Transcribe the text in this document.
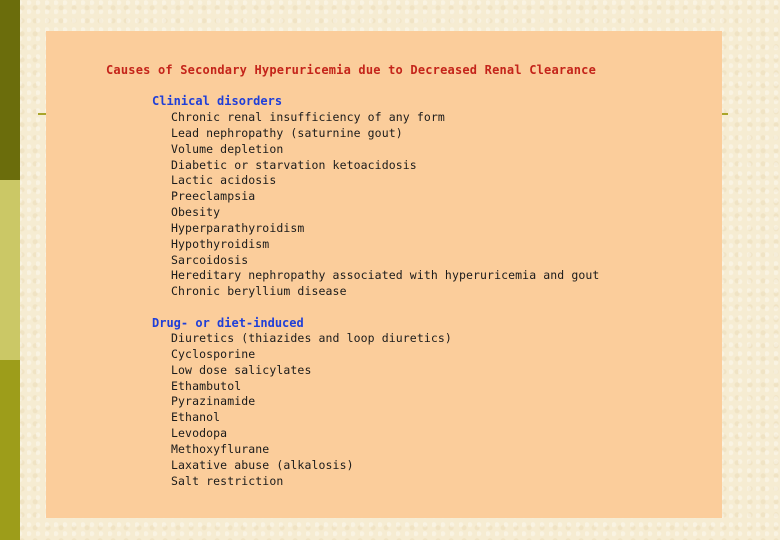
Causes of Secondary Hyperuricemia due to Decreased Renal Clearance
Clinical disorders
Chronic renal insufficiency of any form
Lead nephropathy (saturnine gout)
Volume depletion
Diabetic or starvation ketoacidosis
Lactic acidosis
Preeclampsia
Obesity
Hyperparathyroidism
Hypothyroidism
Sarcoidosis
Hereditary nephropathy associated with hyperuricemia and gout
Chronic beryllium disease
Drug- or diet-induced
Diuretics (thiazides and loop diuretics)
Cyclosporine
Low dose salicylates
Ethambutol
Pyrazinamide
Ethanol
Levodopa
Methoxyflurane
Laxative abuse (alkalosis)
Salt restriction
